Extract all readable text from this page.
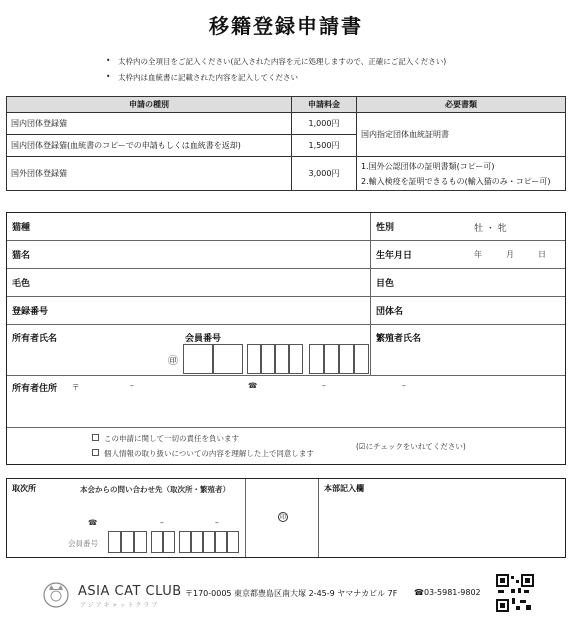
移籍登録申請書
• 太枠内の全項目をご記入ください(記入された内容を元に処理しますので、正確にご記入ください)
• 太枠内は血統書に記載された内容を記入してください
申請の種別	申請料金	必要書類
国内団体登録猫	1,000円	国内指定団体血統証明書
国内団体登録猫(血統書のコピーでの申請もしくは血統書を返却)	1,500円	
国外団体登録猫	3,000円	1.国外公認団体の証明書類(コピー可)
2.輸入検疫を証明できるもの(輸入猫のみ・コピー可)
猫種	性別	牡 ・ 牝
猫名	生年月日	年	月	日
毛色	目色
登録番号	団体名
所有者氏名	会員番号	繁殖者氏名
㊞
所有者住所 〒	–	☎	–	–
この申請に関して一切の責任を負います
個人情報の取り扱いについての内容を理解した上で同意します
(☑にチェックをいれてください)
取次所	本会からの問い合わせ先（取次所・繁殖者）
☎	–	–
会員番号
印
本部記入欄
ASIA CAT CLUB
アジアキャットクラブ
〒170-0005 東京都豊島区南大塚 2-45-9 ヤマナカビル 7F ☎03-5981-9802
